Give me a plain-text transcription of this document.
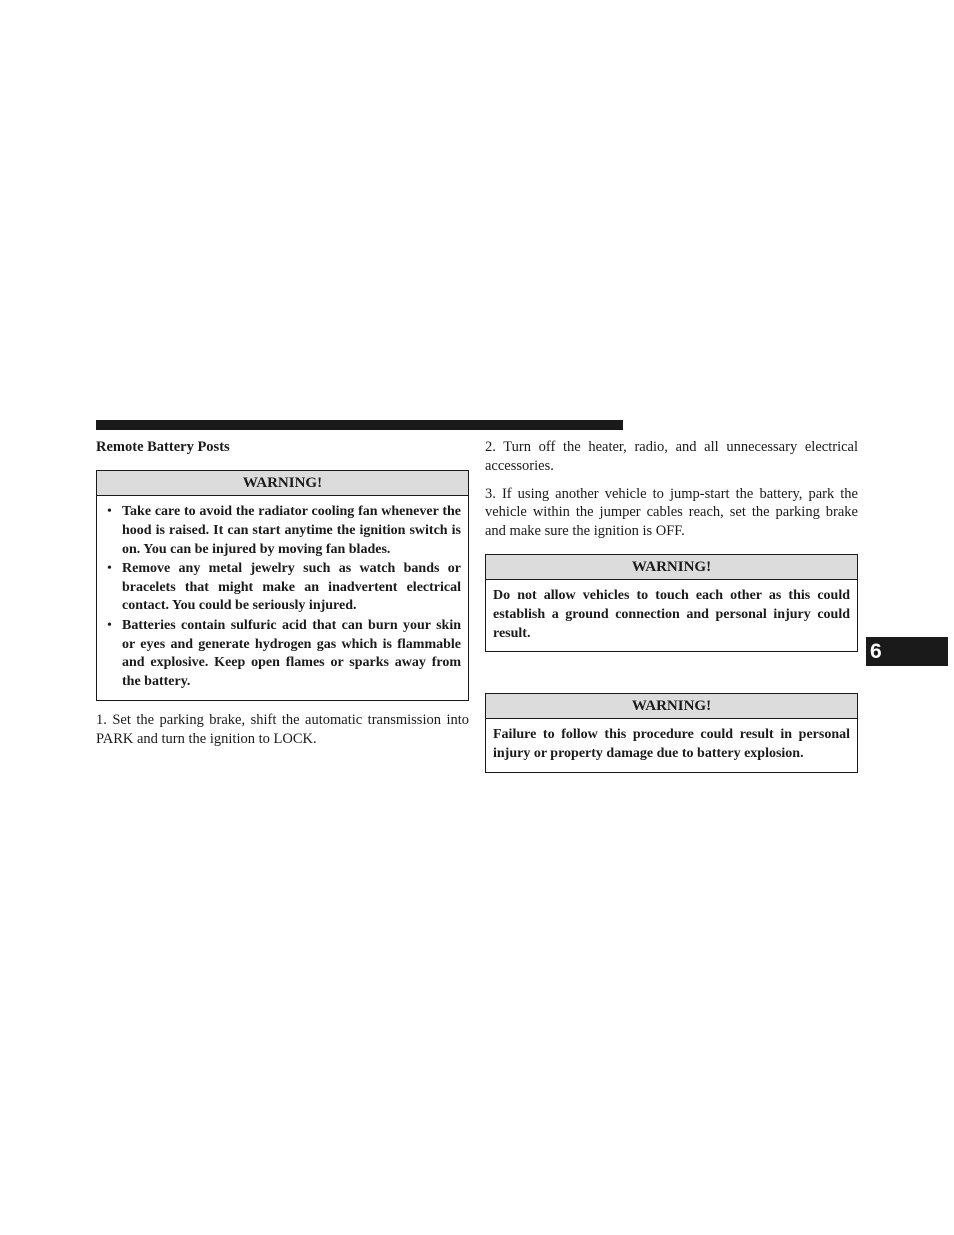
Remote Battery Posts

WARNING!
• Take care to avoid the radiator cooling fan whenever the hood is raised. It can start anytime the ignition switch is on. You can be injured by moving fan blades.
• Remove any metal jewelry such as watch bands or bracelets that might make an inadvertent electrical contact. You could be seriously injured.
• Batteries contain sulfuric acid that can burn your skin or eyes and generate hydrogen gas which is flammable and explosive. Keep open flames or sparks away from the battery.

1. Set the parking brake, shift the automatic transmission into PARK and turn the ignition to LOCK.

2. Turn off the heater, radio, and all unnecessary electrical accessories.

3. If using another vehicle to jump-start the battery, park the vehicle within the jumper cables reach, set the parking brake and make sure the ignition is OFF.

WARNING!
Do not allow vehicles to touch each other as this could establish a ground connection and personal injury could result.
WARNING!
Failure to follow this procedure could result in personal injury or property damage due to battery explosion.
6
